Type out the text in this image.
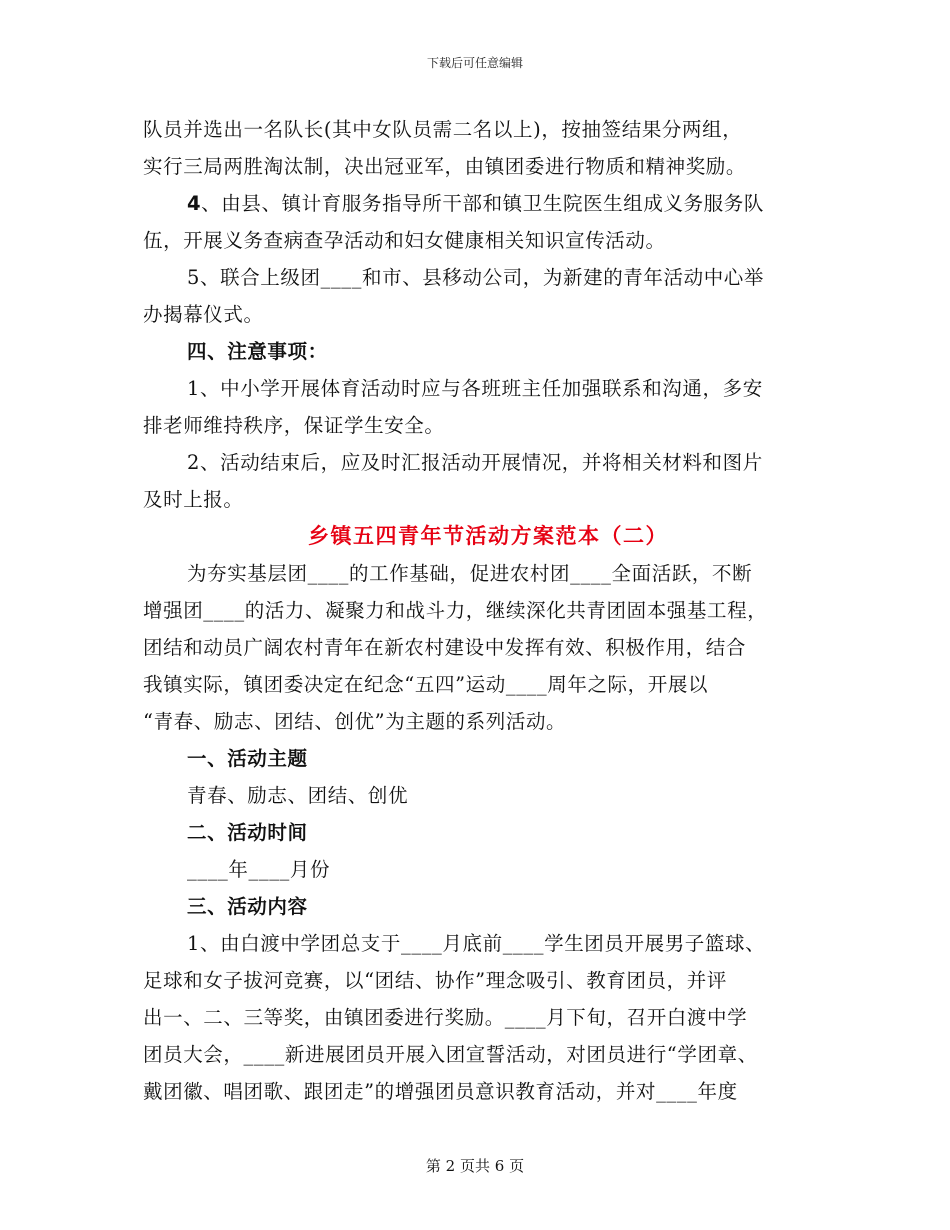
下载后可任意编辑
队员并选出一名队长(其中女队员需二名以上)，按抽签结果分两组，
实行三局两胜淘汰制，决出冠亚军，由镇团委进行物质和精神奖励。
4、由县、镇计育服务指导所干部和镇卫生院医生组成义务服务队
伍，开展义务查病查孕活动和妇女健康相关知识宣传活动。
5、联合上级团____和市、县移动公司，为新建的青年活动中心举
办揭幕仪式。
四、注意事项：
1、中小学开展体育活动时应与各班班主任加强联系和沟通，多安
排老师维持秩序，保证学生安全。
2、活动结束后，应及时汇报活动开展情况，并将相关材料和图片
及时上报。
乡镇五四青年节活动方案范本（二）
为夯实基层团____的工作基础，促进农村团____全面活跃，不断
增强团____的活力、凝聚力和战斗力，继续深化共青团固本强基工程，
团结和动员广阔农村青年在新农村建设中发挥有效、积极作用，结合
我镇实际，镇团委决定在纪念“五四”运动____周年之际，开展以
“青春、励志、团结、创优”为主题的系列活动。
一、活动主题
青春、励志、团结、创优
二、活动时间
____年____月份
三、活动内容
1、由白渡中学团总支于____月底前____学生团员开展男子篮球、
足球和女子拔河竞赛，以“团结、协作”理念吸引、教育团员，并评
出一、二、三等奖，由镇团委进行奖励。____月下旬，召开白渡中学
团员大会，____新进展团员开展入团宣誓活动，对团员进行“学团章、
戴团徽、唱团歌、跟团走”的增强团员意识教育活动，并对____年度
第 2 页共 6 页
